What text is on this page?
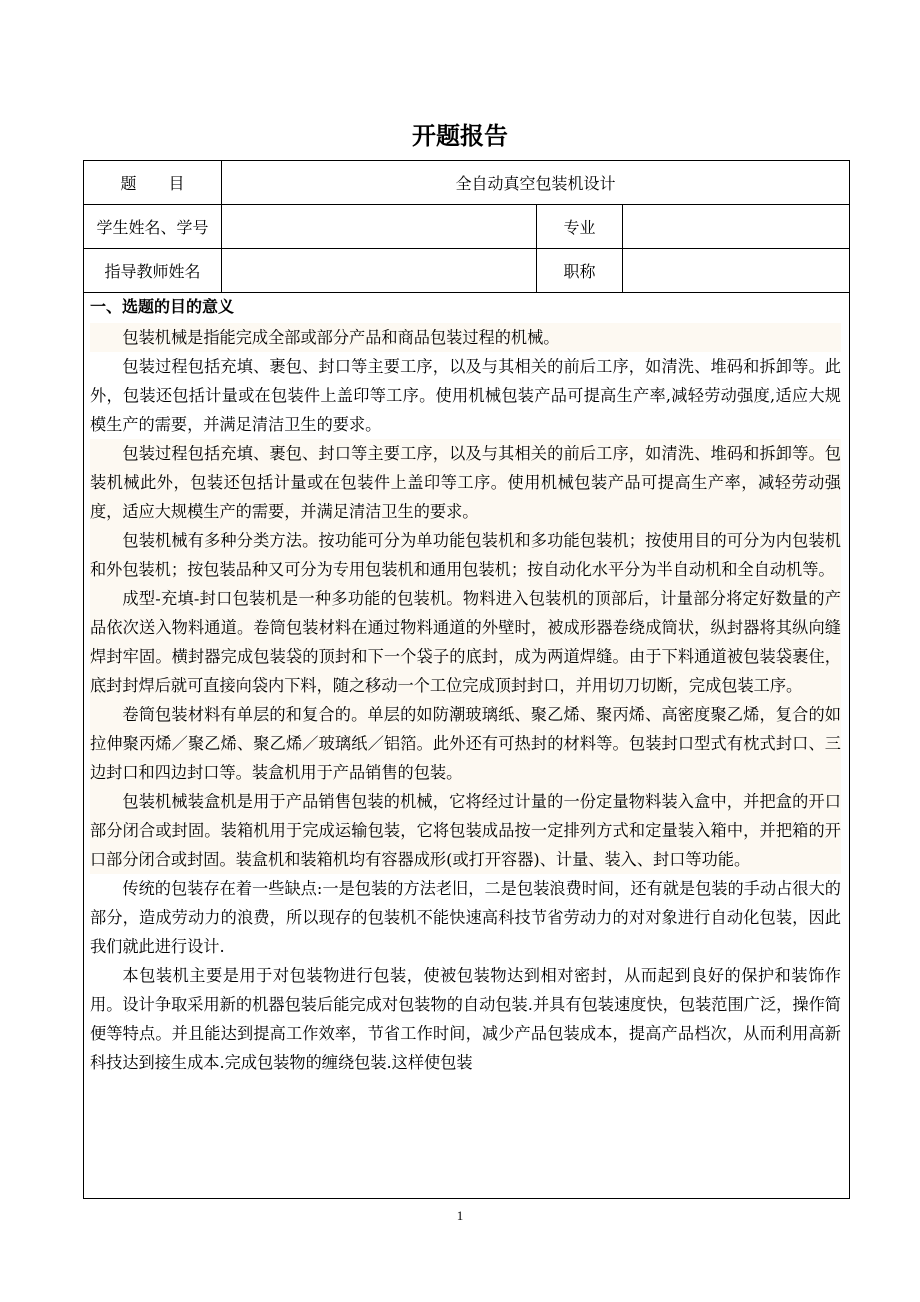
开题报告
题　　目	全自动真空包装机设计		
学生姓名、学号		专业	
指导教师姓名		职称	
一、选题的目的意义

包装机械是指能完成全部或部分产品和商品包装过程的机械。

包装过程包括充填、裹包、封口等主要工序，以及与其相关的前后工序，如清洗、堆码和拆卸等。此外，包装还包括计量或在包装件上盖印等工序。使用机械包装产品可提高生产率,减轻劳动强度,适应大规模生产的需要，并满足清洁卫生的要求。

包装过程包括充填、裹包、封口等主要工序，以及与其相关的前后工序，如清洗、堆码和拆卸等。包装机械此外，包装还包括计量或在包装件上盖印等工序。使用机械包装产品可提高生产率，减轻劳动强度，适应大规模生产的需要，并满足清洁卫生的要求。

包装机械有多种分类方法。按功能可分为单功能包装机和多功能包装机；按使用目的可分为内包装机和外包装机；按包装品种又可分为专用包装机和通用包装机；按自动化水平分为半自动机和全自动机等。

成型-充填-封口包装机是一种多功能的包装机。物料进入包装机的顶部后，计量部分将定好数量的产品依次送入物料通道。卷筒包装材料在通过物料通道的外壁时，被成形器卷绕成筒状，纵封器将其纵向缝焊封牢固。横封器完成包装袋的顶封和下一个袋子的底封，成为两道焊缝。由于下料通道被包装袋裹住，底封封焊后就可直接向袋内下料，随之移动一个工位完成顶封封口，并用切刀切断，完成包装工序。

卷筒包装材料有单层的和复合的。单层的如防潮玻璃纸、聚乙烯、聚丙烯、高密度聚乙烯，复合的如拉伸聚丙烯／聚乙烯、聚乙烯／玻璃纸／铝箔。此外还有可热封的材料等。包装封口型式有枕式封口、三边封口和四边封口等。装盒机用于产品销售的包装。

包装机械装盒机是用于产品销售包装的机械，它将经过计量的一份定量物料装入盒中，并把盒的开口部分闭合或封固。装箱机用于完成运输包装，它将包装成品按一定排列方式和定量装入箱中，并把箱的开口部分闭合或封固。装盒机和装箱机均有容器成形(或打开容器)、计量、装入、封口等功能。

传统的包装存在着一些缺点:一是包装的方法老旧，二是包装浪费时间，还有就是包装的手动占很大的部分，造成劳动力的浪费，所以现存的包装机不能快速高科技节省劳动力的对对象进行自动化包装，因此我们就此进行设计.

本包装机主要是用于对包装物进行包装，使被包装物达到相对密封，从而起到良好的保护和装饰作用。设计争取采用新的机器包装后能完成对包装物的自动包装.并具有包装速度快，包装范围广泛，操作简便等特点。并且能达到提高工作效率，节省工作时间，减少产品包装成本，提高产品档次，从而利用高新科技达到接生成本.完成包装物的缠绕包装.这样使包装

1
